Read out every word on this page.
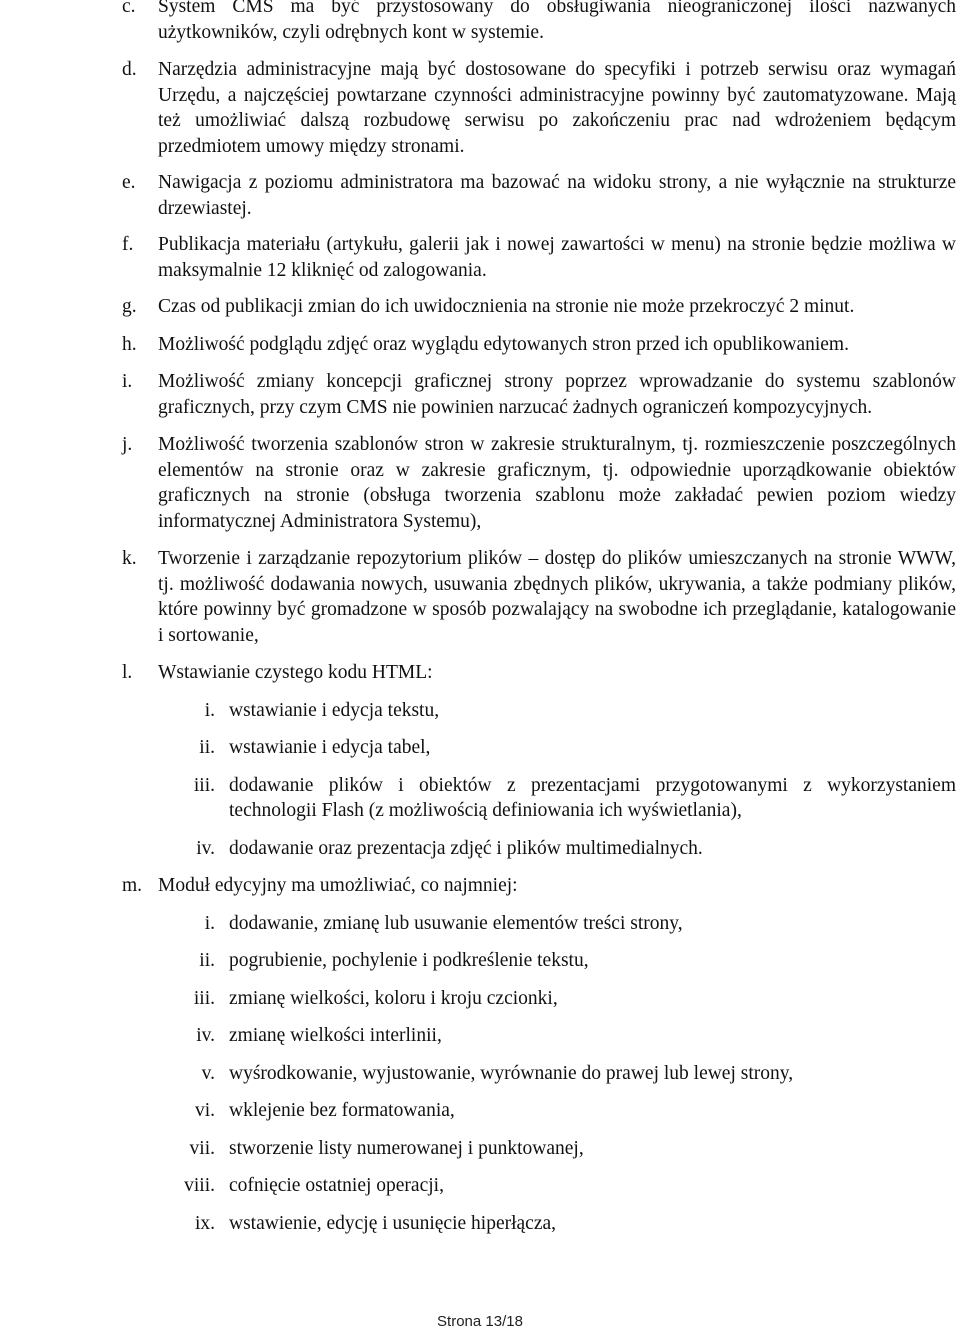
c. System CMS ma być przystosowany do obsługiwania nieograniczonej ilości nazwanych użytkowników, czyli odrębnych kont w systemie.
d. Narzędzia administracyjne mają być dostosowane do specyfiki i potrzeb serwisu oraz wymagań Urzędu, a najczęściej powtarzane czynności administracyjne powinny być zautomatyzowane. Mają też umożliwiać dalszą rozbudowę serwisu po zakończeniu prac nad wdrożeniem będącym przedmiotem umowy między stronami.
e. Nawigacja z poziomu administratora ma bazować na widoku strony, a nie wyłącznie na strukturze drzewiastej.
f. Publikacja materiału (artykułu, galerii jak i nowej zawartości w menu) na stronie będzie możliwa w maksymalnie 12 kliknięć od zalogowania.
g. Czas od publikacji zmian do ich uwidocznienia na stronie nie może przekroczyć 2 minut.
h. Możliwość podglądu zdjęć oraz wyglądu edytowanych stron przed ich opublikowaniem.
i. Możliwość zmiany koncepcji graficznej strony poprzez wprowadzanie do systemu szablonów graficznych, przy czym CMS nie powinien narzucać żadnych ograniczeń kompozycyjnych.
j. Możliwość tworzenia szablonów stron w zakresie strukturalnym, tj. rozmieszczenie poszczególnych elementów na stronie oraz w zakresie graficznym, tj. odpowiednie uporządkowanie obiektów graficznych na stronie (obsługa tworzenia szablonu może zakładać pewien poziom wiedzy informatycznej Administratora Systemu),
k. Tworzenie i zarządzanie repozytorium plików – dostęp do plików umieszczanych na stronie WWW, tj. możliwość dodawania nowych, usuwania zbędnych plików, ukrywania, a także podmiany plików, które powinny być gromadzone w sposób pozwalający na swobodne ich przeglądanie, katalogowanie i sortowanie,
l. Wstawianie czystego kodu HTML:
i. wstawianie i edycja tekstu,
ii. wstawianie i edycja tabel,
iii. dodawanie plików i obiektów z prezentacjami przygotowanymi z wykorzystaniem technologii Flash (z możliwością definiowania ich wyświetlania),
iv. dodawanie oraz prezentacja zdjęć i plików multimedialnych.
m. Moduł edycyjny ma umożliwiać, co najmniej:
i. dodawanie, zmianę lub usuwanie elementów treści strony,
ii. pogrubienie, pochylenie i podkreślenie tekstu,
iii. zmianę wielkości, koloru i kroju czcionki,
iv. zmianę wielkości interlinii,
v. wyśrodkowanie, wyjustowanie, wyrównanie do prawej lub lewej strony,
vi. wklejenie bez formatowania,
vii. stworzenie listy numerowanej i punktowanej,
viii. cofnięcie ostatniej operacji,
ix. wstawienie, edycję i usunięcie hiperłącza,
Strona 13/18
